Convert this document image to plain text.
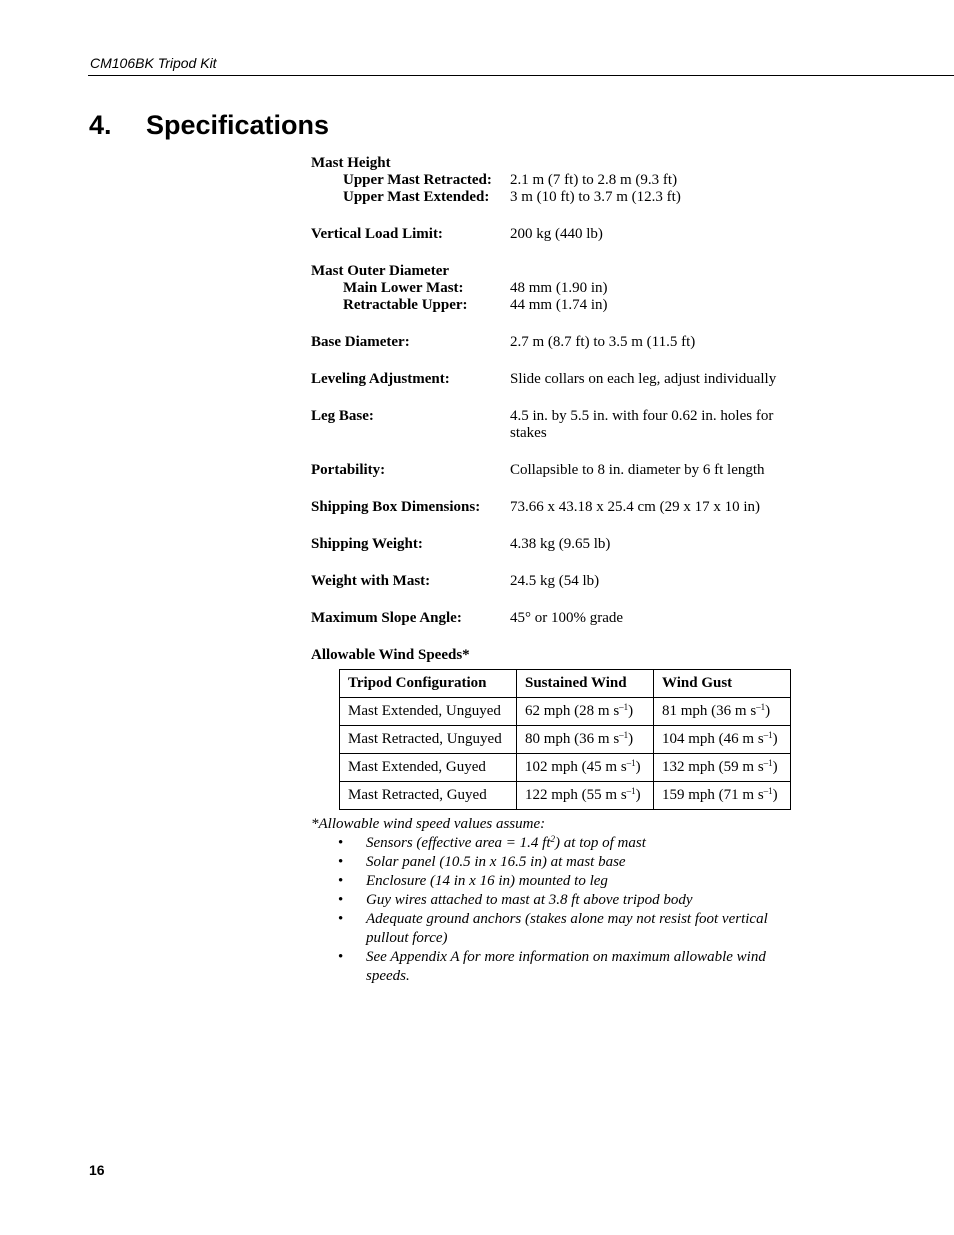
CM106BK Tripod Kit
4. Specifications
Mast Height
Upper Mast Retracted:	2.1 m (7 ft) to 2.8 m (9.3 ft)
Upper Mast Extended:	3 m (10 ft) to 3.7 m (12.3 ft)
Vertical Load Limit:	200 kg (440 lb)
Mast Outer Diameter
Main Lower Mast:	48 mm (1.90 in)
Retractable Upper:	44 mm (1.74 in)
Base Diameter:	2.7 m (8.7 ft) to 3.5 m (11.5 ft)
Leveling Adjustment:	Slide collars on each leg, adjust individually
Leg Base:	4.5 in. by 5.5 in. with four 0.62 in. holes for stakes
Portability:	Collapsible to 8 in. diameter by 6 ft length
Shipping Box Dimensions:	73.66 x 43.18 x 25.4 cm (29 x 17 x 10 in)
Shipping Weight:	4.38 kg (9.65 lb)
Weight with Mast:	24.5 kg (54 lb)
Maximum Slope Angle:	45° or 100% grade
Allowable Wind Speeds*
Tripod Configuration	Sustained Wind	Wind Gust
Mast Extended, Unguyed	62 mph (28 m $s^{-1}$)	81 mph (36 m $s^{-1}$)
Mast Retracted, Unguyed	80 mph (36 m $s^{-1}$)	104 mph (46 m $s^{-1}$)
Mast Extended, Guyed	102 mph (45 m $s^{-1}$)	132 mph (59 m $s^{-1}$)
Mast Retracted, Guyed	122 mph (55 m $s^{-1}$)	159 mph (71 m $s^{-1}$)
*Allowable wind speed values assume:
• Sensors (effective area = 1.4 $ft^2$) at top of mast
• Solar panel (10.5 in x 16.5 in) at mast base
• Enclosure (14 in x 16 in) mounted to leg
• Guy wires attached to mast at 3.8 ft above tripod body
• Adequate ground anchors (stakes alone may not resist foot vertical pullout force)
• See Appendix A for more information on maximum allowable wind speeds.
16
